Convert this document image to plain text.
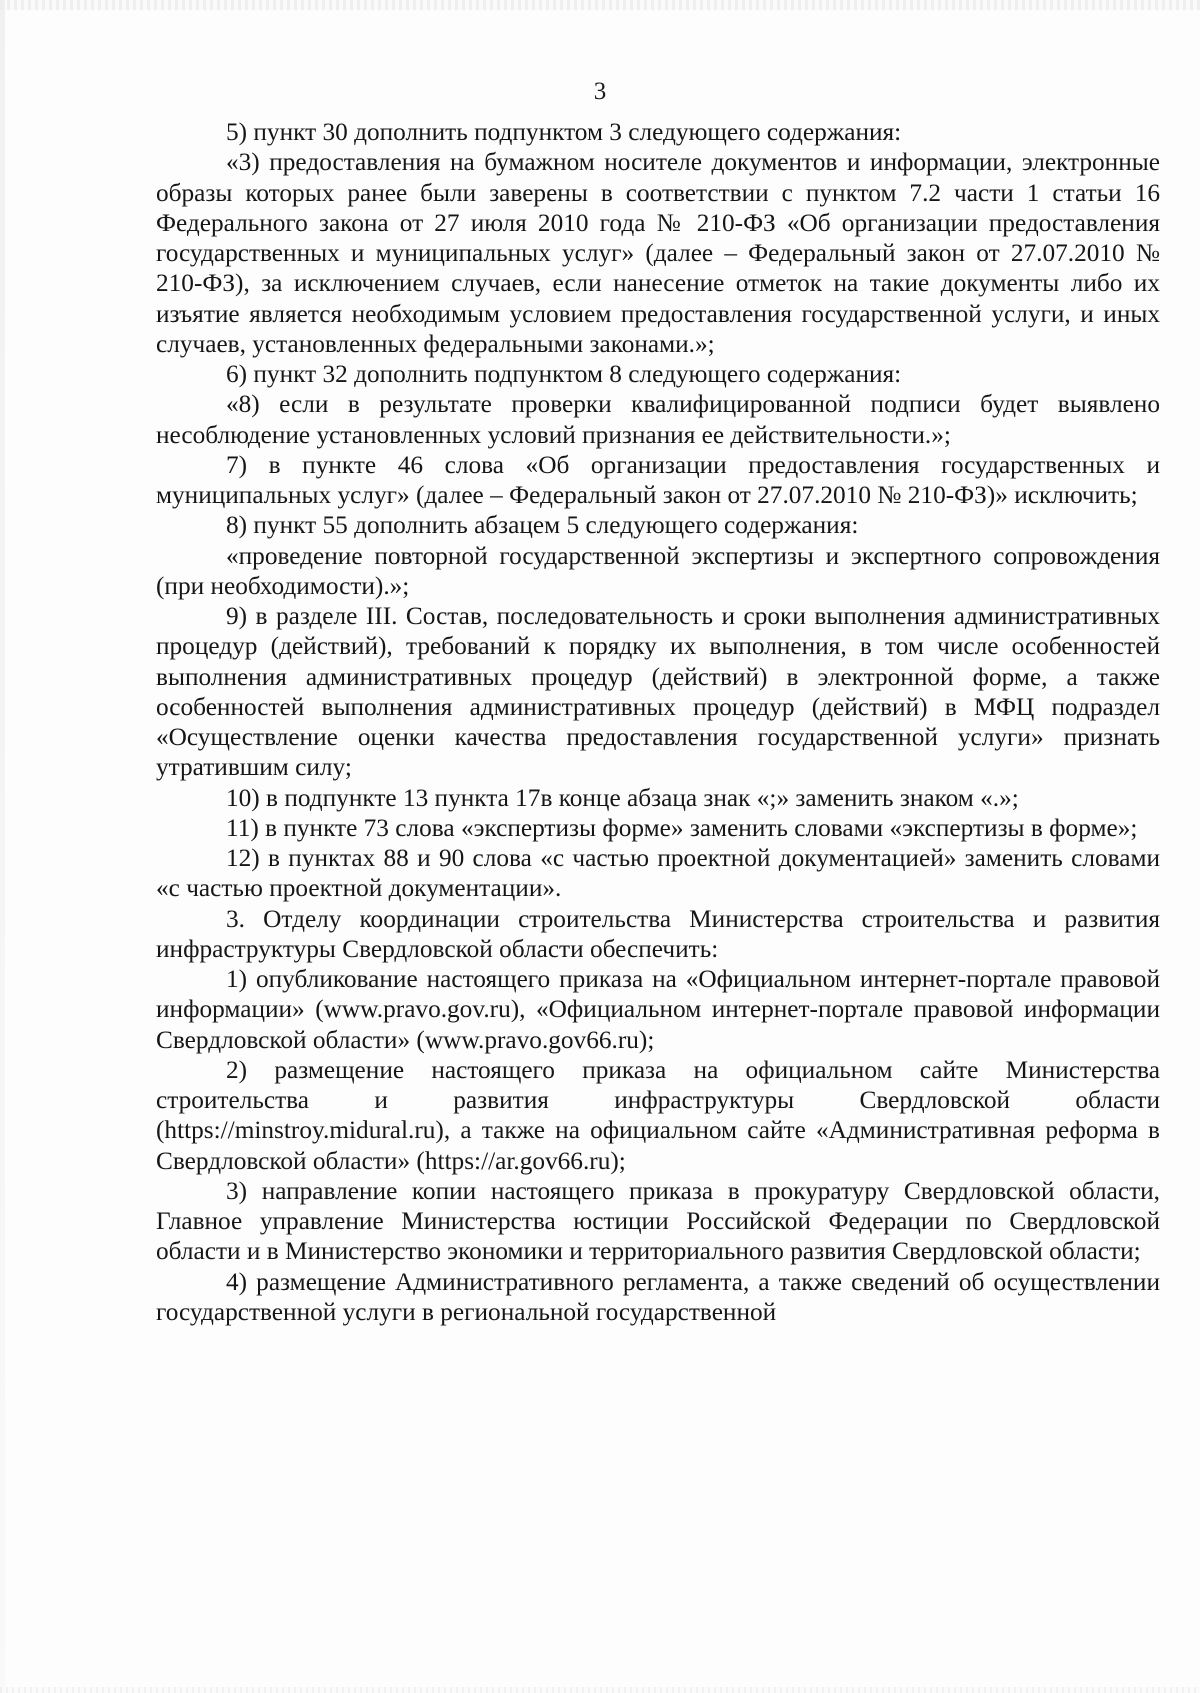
3

5) пункт 30 дополнить подпунктом 3 следующего содержания:

«3) предоставления на бумажном носителе документов и информации, электронные образы которых ранее были заверены в соответствии с пунктом 7.2 части 1 статьи 16 Федерального закона от 27 июля 2010 года № 210-ФЗ «Об организации предоставления государственных и муниципальных услуг» (далее – Федеральный закон от 27.07.2010 № 210-ФЗ), за исключением случаев, если нанесение отметок на такие документы либо их изъятие является необходимым условием предоставления государственной услуги, и иных случаев, установленных федеральными законами.»;

6) пункт 32 дополнить подпунктом 8 следующего содержания:

«8) если в результате проверки квалифицированной подписи будет выявлено несоблюдение установленных условий признания ее действительности.»;

7) в пункте 46 слова «Об организации предоставления государственных и муниципальных услуг» (далее – Федеральный закон от 27.07.2010 № 210-ФЗ)» исключить;

8) пункт 55 дополнить абзацем 5 следующего содержания:

«проведение повторной государственной экспертизы и экспертного сопровождения (при необходимости).»;

9) в разделе III. Состав, последовательность и сроки выполнения административных процедур (действий), требований к порядку их выполнения, в том числе особенностей выполнения административных процедур (действий) в электронной форме, а также особенностей выполнения административных процедур (действий) в МФЦ подраздел «Осуществление оценки качества предоставления государственной услуги» признать утратившим силу;

10) в подпункте 13 пункта 17в конце абзаца знак «;» заменить знаком «.»;

11) в пункте 73 слова «экспертизы форме» заменить словами «экспертизы в форме»;

12) в пунктах 88 и 90 слова «с частью проектной документацией» заменить словами «с частью проектной документации».

3. Отделу координации строительства Министерства строительства и развития инфраструктуры Свердловской области обеспечить:

1) опубликование настоящего приказа на «Официальном интернет-портале правовой информации» (www.pravo.gov.ru), «Официальном интернет-портале правовой информации Свердловской области» (www.pravo.gov66.ru);

2) размещение настоящего приказа на официальном сайте Министерства строительства и развития инфраструктуры Свердловской области (https://minstroy.midural.ru), а также на официальном сайте «Административная реформа в Свердловской области» (https://ar.gov66.ru);

3) направление копии настоящего приказа в прокуратуру Свердловской области, Главное управление Министерства юстиции Российской Федерации по Свердловской области и в Министерство экономики и территориального развития Свердловской области;

4) размещение Административного регламента, а также сведений об осуществлении государственной услуги в региональной государственной
